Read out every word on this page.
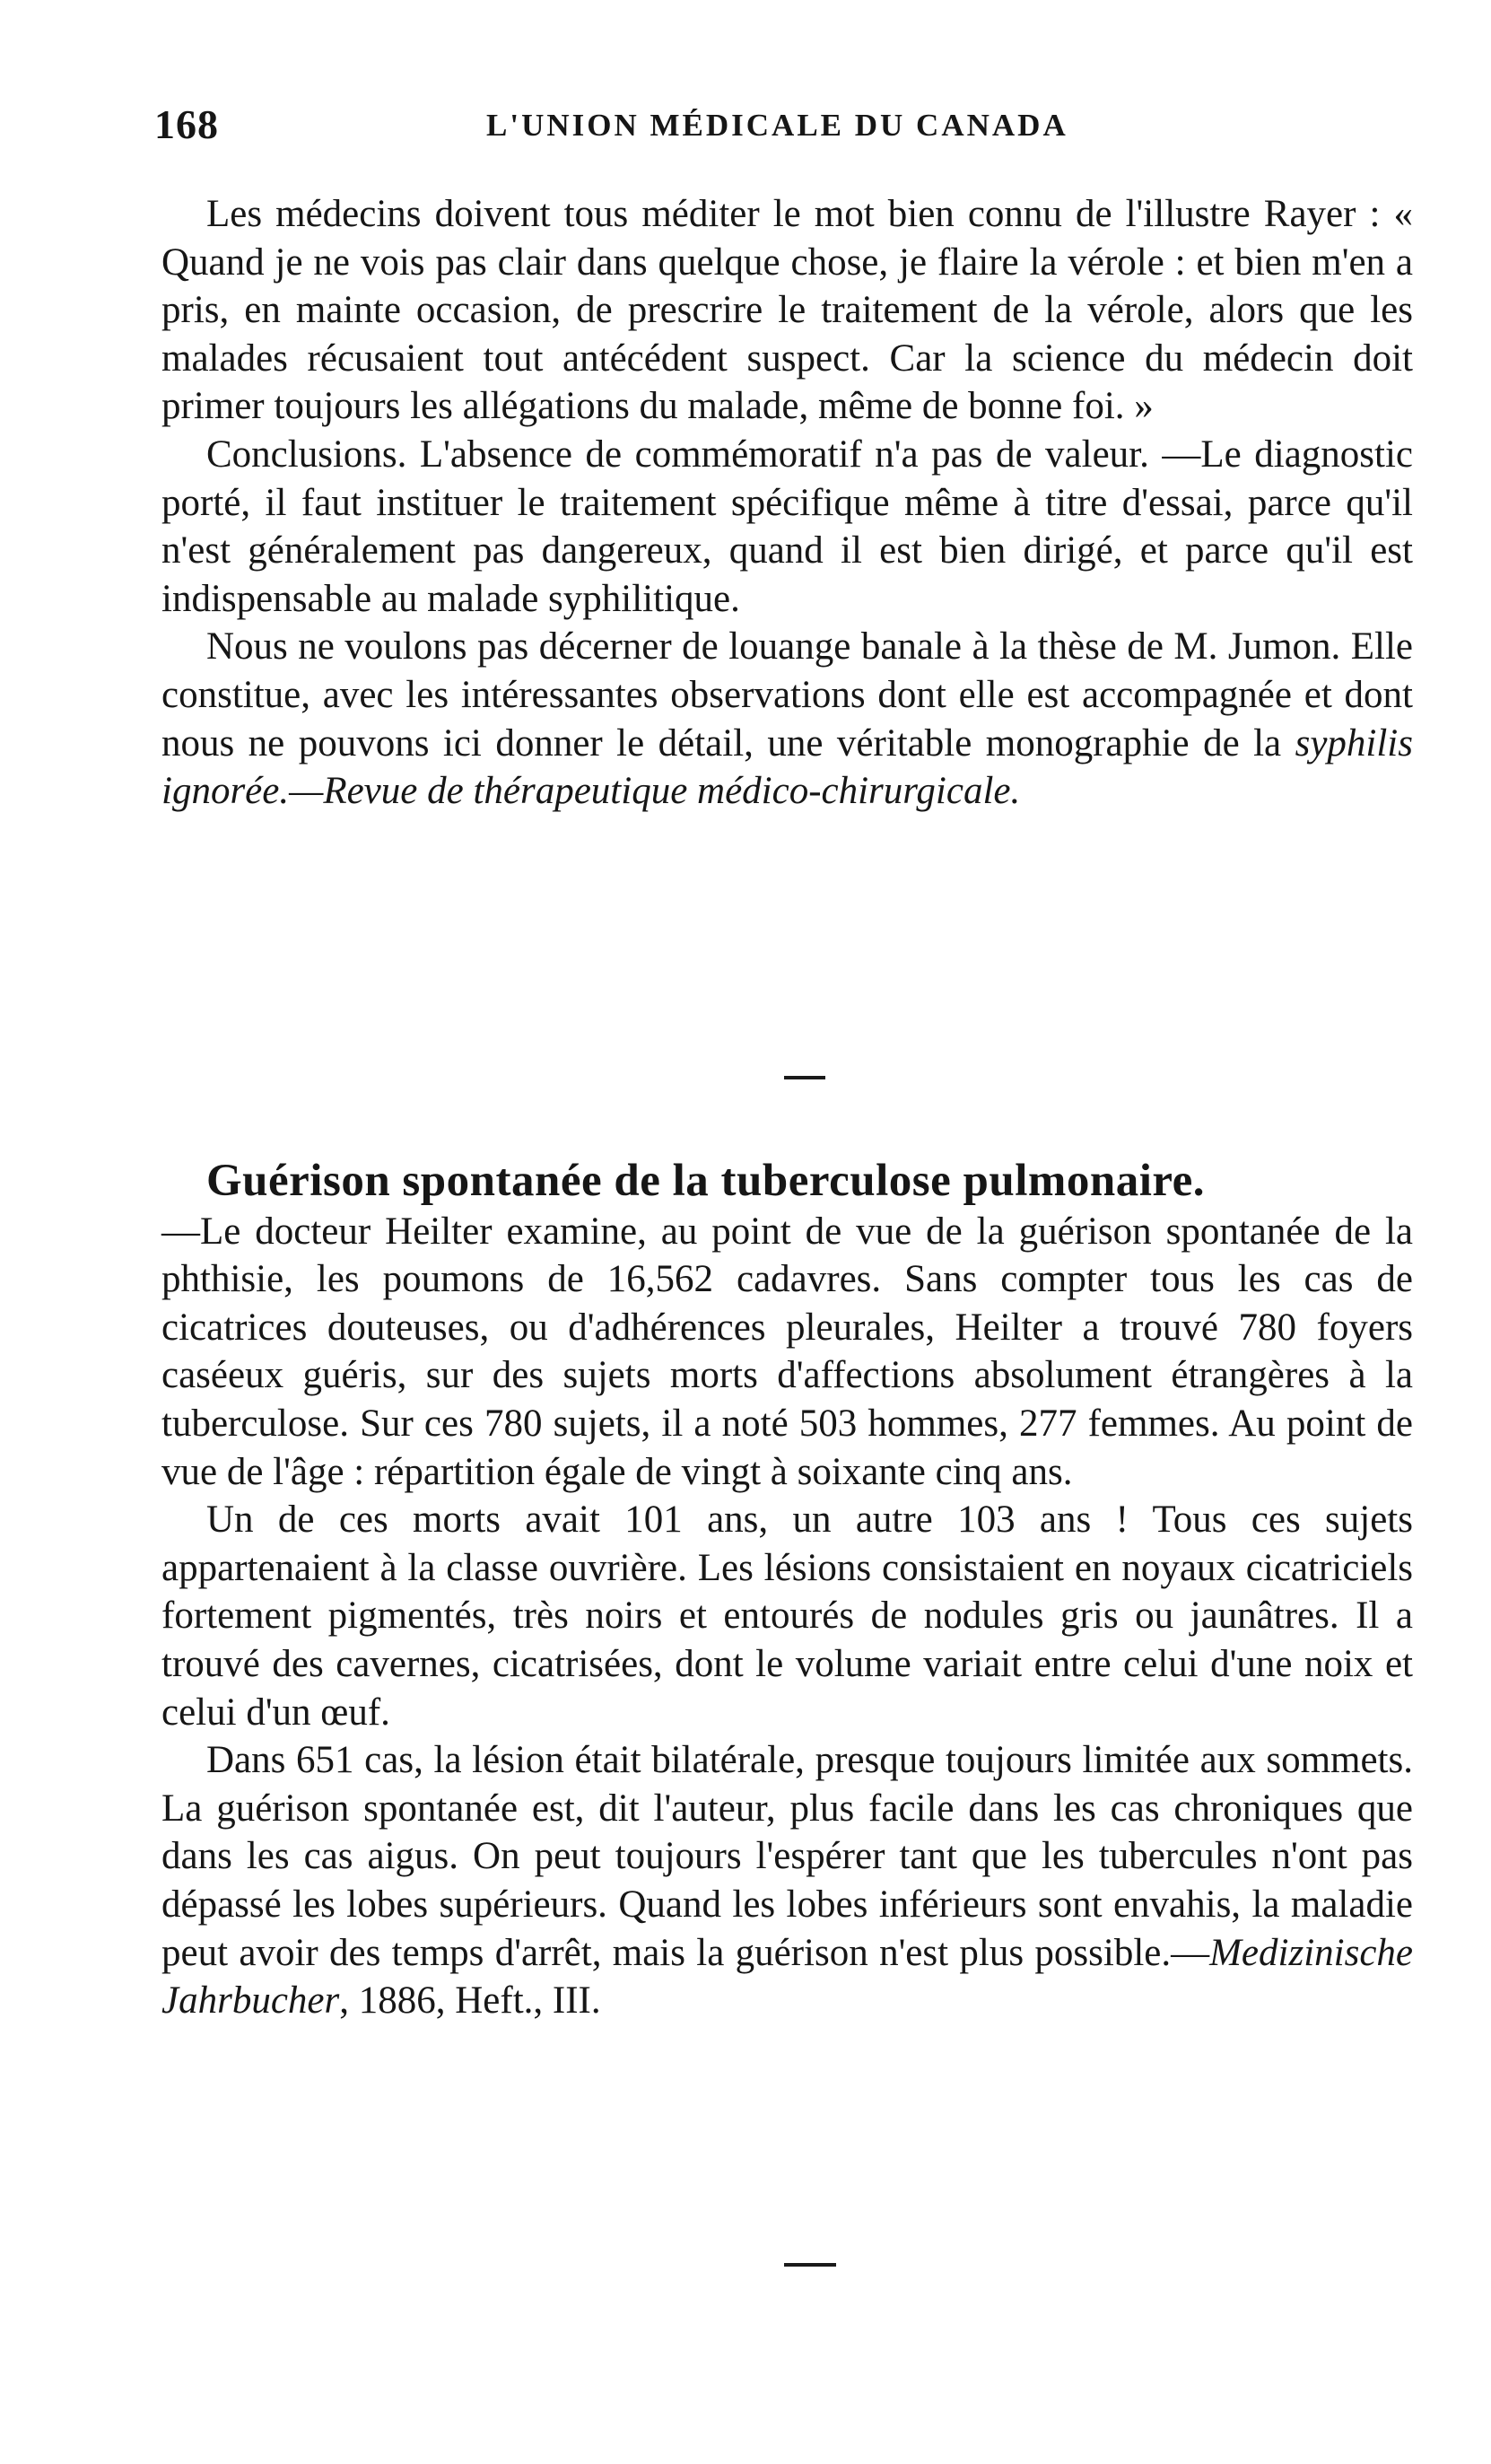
168	L'UNION MÉDICALE DU CANADA

Les médecins doivent tous méditer le mot bien connu de l'illustre Rayer : « Quand je ne vois pas clair dans quelque chose, je flaire la vérole : et bien m'en a pris, en mainte occasion, de prescrire le traitement de la vérole, alors que les malades récusaient tout antécédent suspect. Car la science du médecin doit primer toujours les allégations du malade, même de bonne foi. »

Conclusions. L'absence de commémoratif n'a pas de valeur. —Le diagnostic porté, il faut instituer le traitement spécifique même à titre d'essai, parce qu'il n'est généralement pas dangereux, quand il est bien dirigé, et parce qu'il est indispensable au malade syphilitique.

Nous ne voulons pas décerner de louange banale à la thèse de M. Jumon. Elle constitue, avec les intéressantes observations dont elle est accompagnée et dont nous ne pouvons ici donner le détail, une véritable monographie de la syphilis ignorée.—Revue de thérapeutique médico-chirurgicale.

Guérison spontanée de la tuberculose pulmonaire.
—Le docteur Heilter examine, au point de vue de la guérison spontanée de la phthisie, les poumons de 16,562 cadavres. Sans compter tous les cas de cicatrices douteuses, ou d'adhérences pleurales, Heilter a trouvé 780 foyers caséeux guéris, sur des sujets morts d'affections absolument étrangères à la tuberculose. Sur ces 780 sujets, il a noté 503 hommes, 277 femmes. Au point de vue de l'âge : répartition égale de vingt à soixante cinq ans.

Un de ces morts avait 101 ans, un autre 103 ans ! Tous ces sujets appartenaient à la classe ouvrière. Les lésions consistaient en noyaux cicatriciels fortement pigmentés, très noirs et entourés de nodules gris ou jaunâtres. Il a trouvé des cavernes, cicatrisées, dont le volume variait entre celui d'une noix et celui d'un œuf.

Dans 651 cas, la lésion était bilatérale, presque toujours limitée aux sommets. La guérison spontanée est, dit l'auteur, plus facile dans les cas chroniques que dans les cas aigus. On peut toujours l'espérer tant que les tubercules n'ont pas dépassé les lobes supérieurs. Quand les lobes inférieurs sont envahis, la maladie peut avoir des temps d'arrêt, mais la guérison n'est plus possible.—Medizinische Jahrbucher, 1886, Heft., III.
